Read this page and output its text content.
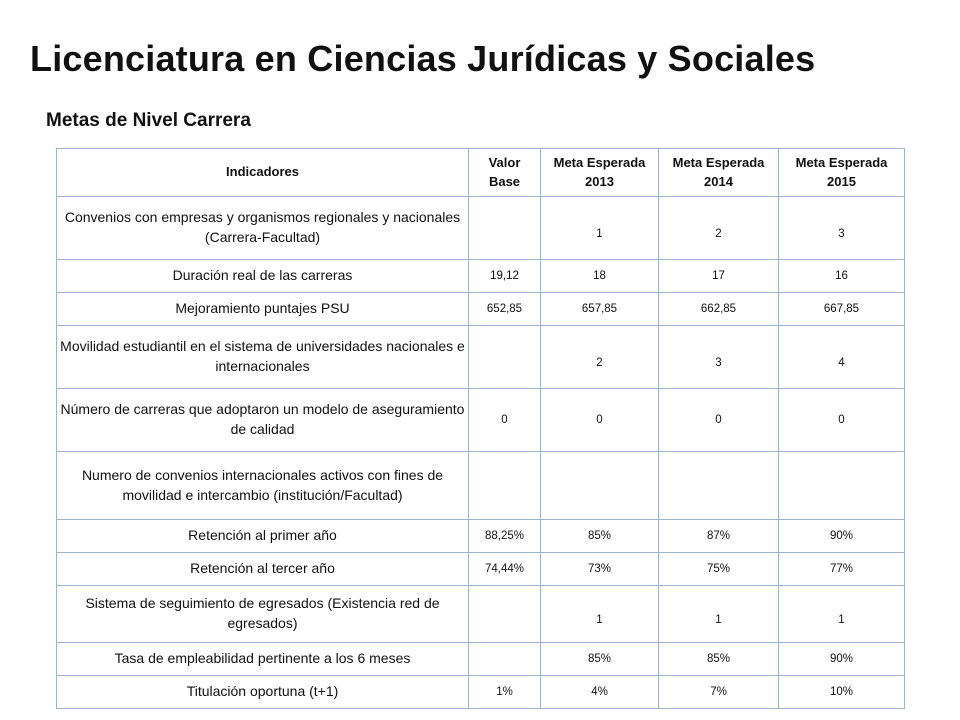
Licenciatura en Ciencias Jurídicas y Sociales
Metas de Nivel Carrera
Indicadores	Valor Base	Meta Esperada 2013	Meta Esperada 2014	Meta Esperada 2015
Convenios con empresas y organismos regionales y nacionales (Carrera-Facultad)		1	2	3
Duración real de las carreras	19,12	18	17	16
Mejoramiento puntajes PSU	652,85	657,85	662,85	667,85
Movilidad estudiantil en el sistema de universidades nacionales e internacionales		2	3	4
Número de carreras que adoptaron un modelo de aseguramiento de calidad	0	0	0	0
Numero de convenios internacionales activos con fines de movilidad e intercambio (institución/Facultad)				
Retención al primer año	88,25%	85%	87%	90%
Retención al tercer año	74,44%	73%	75%	77%
Sistema de seguimiento de egresados (Existencia red de egresados)		1	1	1
Tasa de empleabilidad pertinente a los 6 meses		85%	85%	90%
Titulación oportuna (t+1)	1%	4%	7%	10%
